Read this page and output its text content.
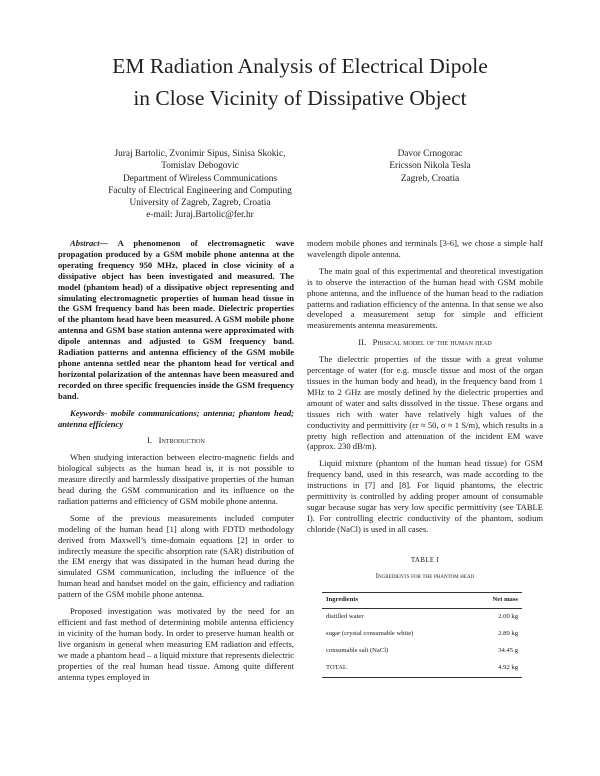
EM Radiation Analysis of Electrical Dipole
in Close Vicinity of Dissipative Object
Juraj Bartolic, Zvonimir Sipus, Sinisa Skokic,
Tomislav Debogovic
Department of Wireless Communications
Faculty of Electrical Engineering and Computing
University of Zagreb, Zagreb, Croatia
e-mail: Juraj.Bartolic@fer.hr
Davor Crnogorac
Ericsson Nikola Tesla
Zagreb, Croatia

Abstract— A phenomenon of electromagnetic wave propagation produced by a GSM mobile phone antenna at the operating frequency 950 MHz, placed in close vicinity of a dissipative object has been investigated and measured. The model (phantom head) of a dissipative object representing and simulating electromagnetic properties of human head tissue in the GSM frequency band has been made. Dielectric properties of the phantom head have been measured. A GSM mobile phone antenna and GSM base station antenna were approximated with dipole antennas and adjusted to GSM frequency band. Radiation patterns and antenna efficiency of the GSM mobile phone antenna settled near the phantom head for vertical and horizontal polarization of the antennas have been measured and recorded on three specific frequencies inside the GSM frequency band.

Keywords- mobile communications; antenna; phantom head; antenna efficiency

I. Introduction

When studying interaction between electro-magnetic fields and biological subjects as the human head is, it is not possible to measure directly and harmlessly dissipative properties of the human head during the GSM communication and its influence on the radiation patterns and efficiency of GSM mobile phone antenna.

Some of the previous measurements included computer modeling of the human head [1] along with FDTD methodology derived from Maxwell’s time-domain equations [2] in order to indirectly measure the specific absorption rate (SAR) distribution of the EM energy that was dissipated in the human head during the simulated GSM communication, including the influence of the human head and handset model on the gain, efficiency and radiation pattern of the GSM mobile phone antenna.

Proposed investigation was motivated by the need for an efficient and fast method of determining mobile antenna efficiency in vicinity of the human body. In order to preserve human health or live organism in general when measuring EM radiation and effects, we made a phantom head – a liquid mixture that represents dielectric properties of the real human head tissue. Among quite different antenna types employed in

modern mobile phones and terminals [3-6], we chose a simple half wavelength dipole antenna.

The main goal of this experimental and theoretical investigation is to observe the interaction of the human head with GSM mobile phone antenna, and the influence of the human head to the radiation patterns and radiation efficiency of the antenna. In that sense we also developed a measurement setup for simple and efficient measurements antenna measurements.

II. Phisical model of the human head

The dielectric properties of the tissue with a great volume percentage of water (for e.g. muscle tissue and most of the organ tissues in the human body and head), in the frequency band from 1 MHz to 2 GHz are mostly defined by the dielectric properties and amount of water and salts dissolved in the tissue. These organs and tissues rich with water have relatively high values of the conductivity and permittivity (εr ≈ 50, σ ≈ 1 S/m), which results in a pretty high reflection and attenuation of the incident EM wave (approx. 230 dB/m).

Liquid mixture (phantom of the human head tissue) for GSM frequency band, used in this research, was made according to the instructions in [7] and [8]. For liquid phantoms, the electric permittivity is controlled by adding proper amount of consumable sugar because sugar has very low specific permittivity (see TABLE I). For controlling electric conductivity of the phantom, sodium chloride (NaCl) is used in all cases.

TABLE I
Ingredients for the phantom head
Ingredients	Net mass
distilled water	2.00 kg
sugar (crystal consumable white)	2.89 kg
consumable salt (NaCl)	34.45 g
TOTAL	4.92 kg
